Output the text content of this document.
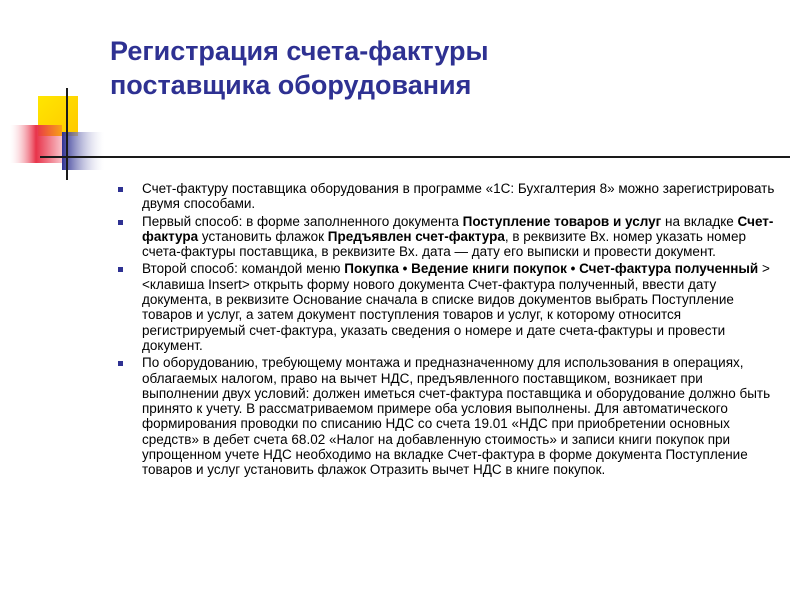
Регистрация счета-фактуры
поставщика оборудования
Счет-фактуру поставщика оборудования в программе «1С: Бухгалтерия 8» можно зарегистрировать двумя способами.
Первый способ: в форме заполненного документа Поступление товаров и услуг на вкладке Счет-фактура установить флажок Предъявлен счет-фактура, в реквизите Вх. номер указать номер счета-фактуры поставщика, в реквизите Вх. дата — дату его выписки и провести документ.
Второй способ: командой меню Покупка • Ведение книги покупок • Счет-фактура полученный > <клавиша Insert> открыть форму нового документа Счет-фактура полученный, ввести дату документа, в реквизите Основание сначала в списке видов документов выбрать Поступление товаров и услуг, а затем документ поступления товаров и услуг, к которому относится регистрируемый счет-фактура, указать сведения о номере и дате счета-фактуры и провести документ.
По оборудованию, требующему монтажа и предназначенному для использования в операциях, облагаемых налогом, право на вычет НДС, предъявленного поставщиком, возникает при выполнении двух условий: должен иметься счет-фактура поставщика и оборудование должно быть принято к учету. В рассматриваемом примере оба условия выполнены. Для автоматического формирования проводки по списанию НДС со счета 19.01 «НДС при приобретении основных средств» в дебет счета 68.02 «Налог на добавленную стоимость» и записи книги покупок при упрощенном учете НДС необходимо на вкладке Счет-фактура в форме документа Поступление товаров и услуг установить флажок Отразить вычет НДС в книге покупок.
